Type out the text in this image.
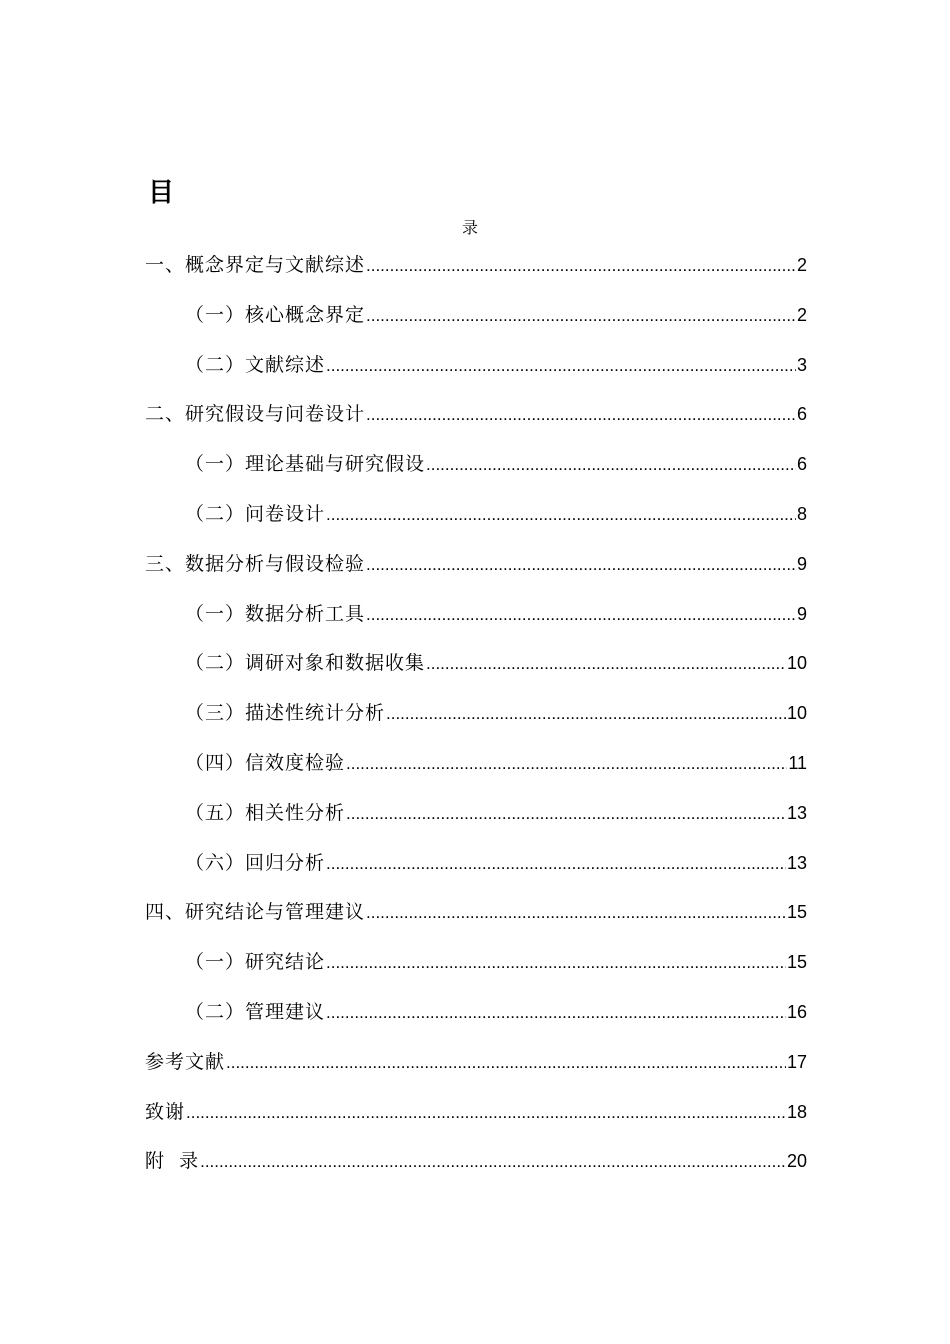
目
录
一、概念界定与文献综述 .....	2
（一）核心概念界定 .....	2
（二）文献综述 .....	3
二、研究假设与问卷设计 .....	6
（一）理论基础与研究假设 .....	6
（二）问卷设计 .....	8
三、数据分析与假设检验 .....	9
（一）数据分析工具 .....	9
（二）调研对象和数据收集 .....	10
（三）描述性统计分析 .....	10
（四）信效度检验 .....	11
（五）相关性分析 .....	13
（六）回归分析 .....	13
四、研究结论与管理建议 .....	15
（一）研究结论 .....	15
（二）管理建议 .....	16
参考文献 .....	17
致谢 .....	18
附  录 .....	20
